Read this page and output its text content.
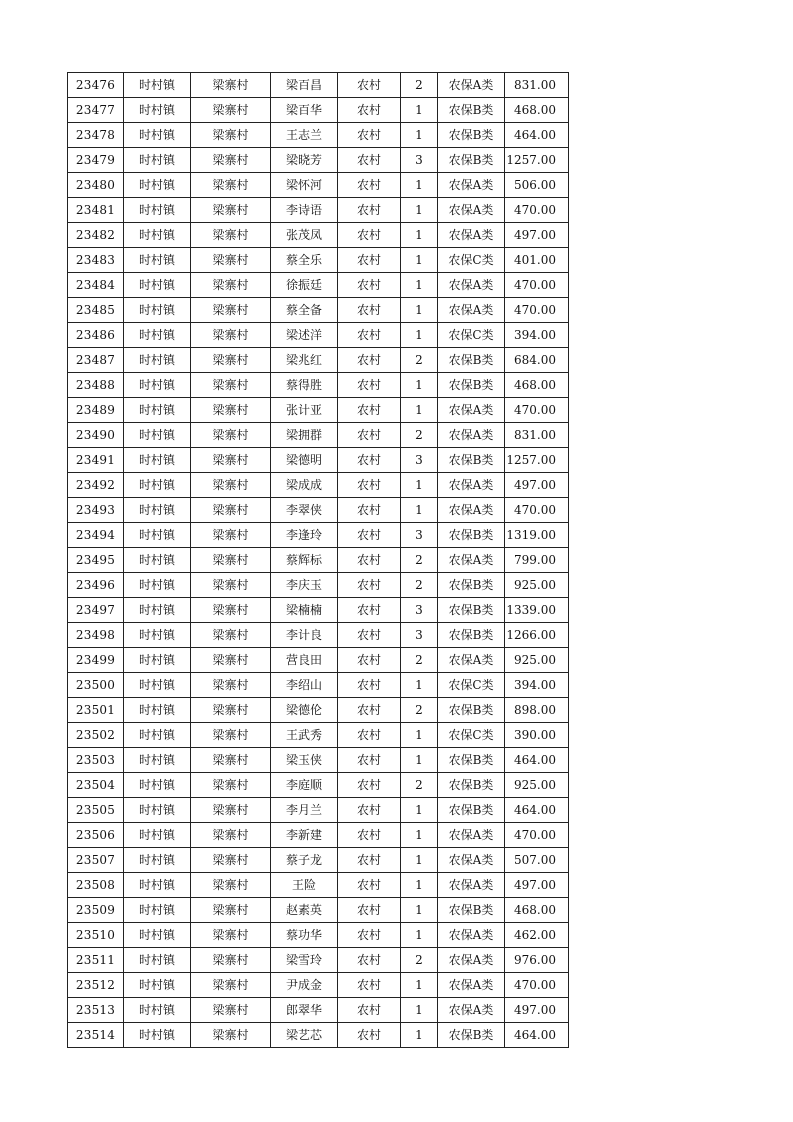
23476	时村镇	梁寨村	梁百昌	农村	2	农保A类	831.00
23477	时村镇	梁寨村	梁百华	农村	1	农保B类	468.00
23478	时村镇	梁寨村	王志兰	农村	1	农保B类	464.00
23479	时村镇	梁寨村	梁晓芳	农村	3	农保B类	1257.00
23480	时村镇	梁寨村	梁怀河	农村	1	农保A类	506.00
23481	时村镇	梁寨村	李诗语	农村	1	农保A类	470.00
23482	时村镇	梁寨村	张茂凤	农村	1	农保A类	497.00
23483	时村镇	梁寨村	蔡全乐	农村	1	农保C类	401.00
23484	时村镇	梁寨村	徐振廷	农村	1	农保A类	470.00
23485	时村镇	梁寨村	蔡全备	农村	1	农保A类	470.00
23486	时村镇	梁寨村	梁述洋	农村	1	农保C类	394.00
23487	时村镇	梁寨村	梁兆红	农村	2	农保B类	684.00
23488	时村镇	梁寨村	蔡得胜	农村	1	农保B类	468.00
23489	时村镇	梁寨村	张计亚	农村	1	农保A类	470.00
23490	时村镇	梁寨村	梁拥群	农村	2	农保A类	831.00
23491	时村镇	梁寨村	梁德明	农村	3	农保B类	1257.00
23492	时村镇	梁寨村	梁成成	农村	1	农保A类	497.00
23493	时村镇	梁寨村	李翠侠	农村	1	农保A类	470.00
23494	时村镇	梁寨村	李逢玲	农村	3	农保B类	1319.00
23495	时村镇	梁寨村	蔡辉标	农村	2	农保A类	799.00
23496	时村镇	梁寨村	李庆玉	农村	2	农保B类	925.00
23497	时村镇	梁寨村	梁楠楠	农村	3	农保B类	1339.00
23498	时村镇	梁寨村	李计良	农村	3	农保B类	1266.00
23499	时村镇	梁寨村	营良田	农村	2	农保A类	925.00
23500	时村镇	梁寨村	李绍山	农村	1	农保C类	394.00
23501	时村镇	梁寨村	梁德伦	农村	2	农保B类	898.00
23502	时村镇	梁寨村	王武秀	农村	1	农保C类	390.00
23503	时村镇	梁寨村	梁玉侠	农村	1	农保B类	464.00
23504	时村镇	梁寨村	李庭顺	农村	2	农保B类	925.00
23505	时村镇	梁寨村	李月兰	农村	1	农保B类	464.00
23506	时村镇	梁寨村	李新建	农村	1	农保A类	470.00
23507	时村镇	梁寨村	蔡子龙	农村	1	农保A类	507.00
23508	时村镇	梁寨村	王险	农村	1	农保A类	497.00
23509	时村镇	梁寨村	赵素英	农村	1	农保B类	468.00
23510	时村镇	梁寨村	蔡功华	农村	1	农保A类	462.00
23511	时村镇	梁寨村	梁雪玲	农村	2	农保A类	976.00
23512	时村镇	梁寨村	尹成金	农村	1	农保A类	470.00
23513	时村镇	梁寨村	郎翠华	农村	1	农保A类	497.00
23514	时村镇	梁寨村	梁艺芯	农村	1	农保B类	464.00
